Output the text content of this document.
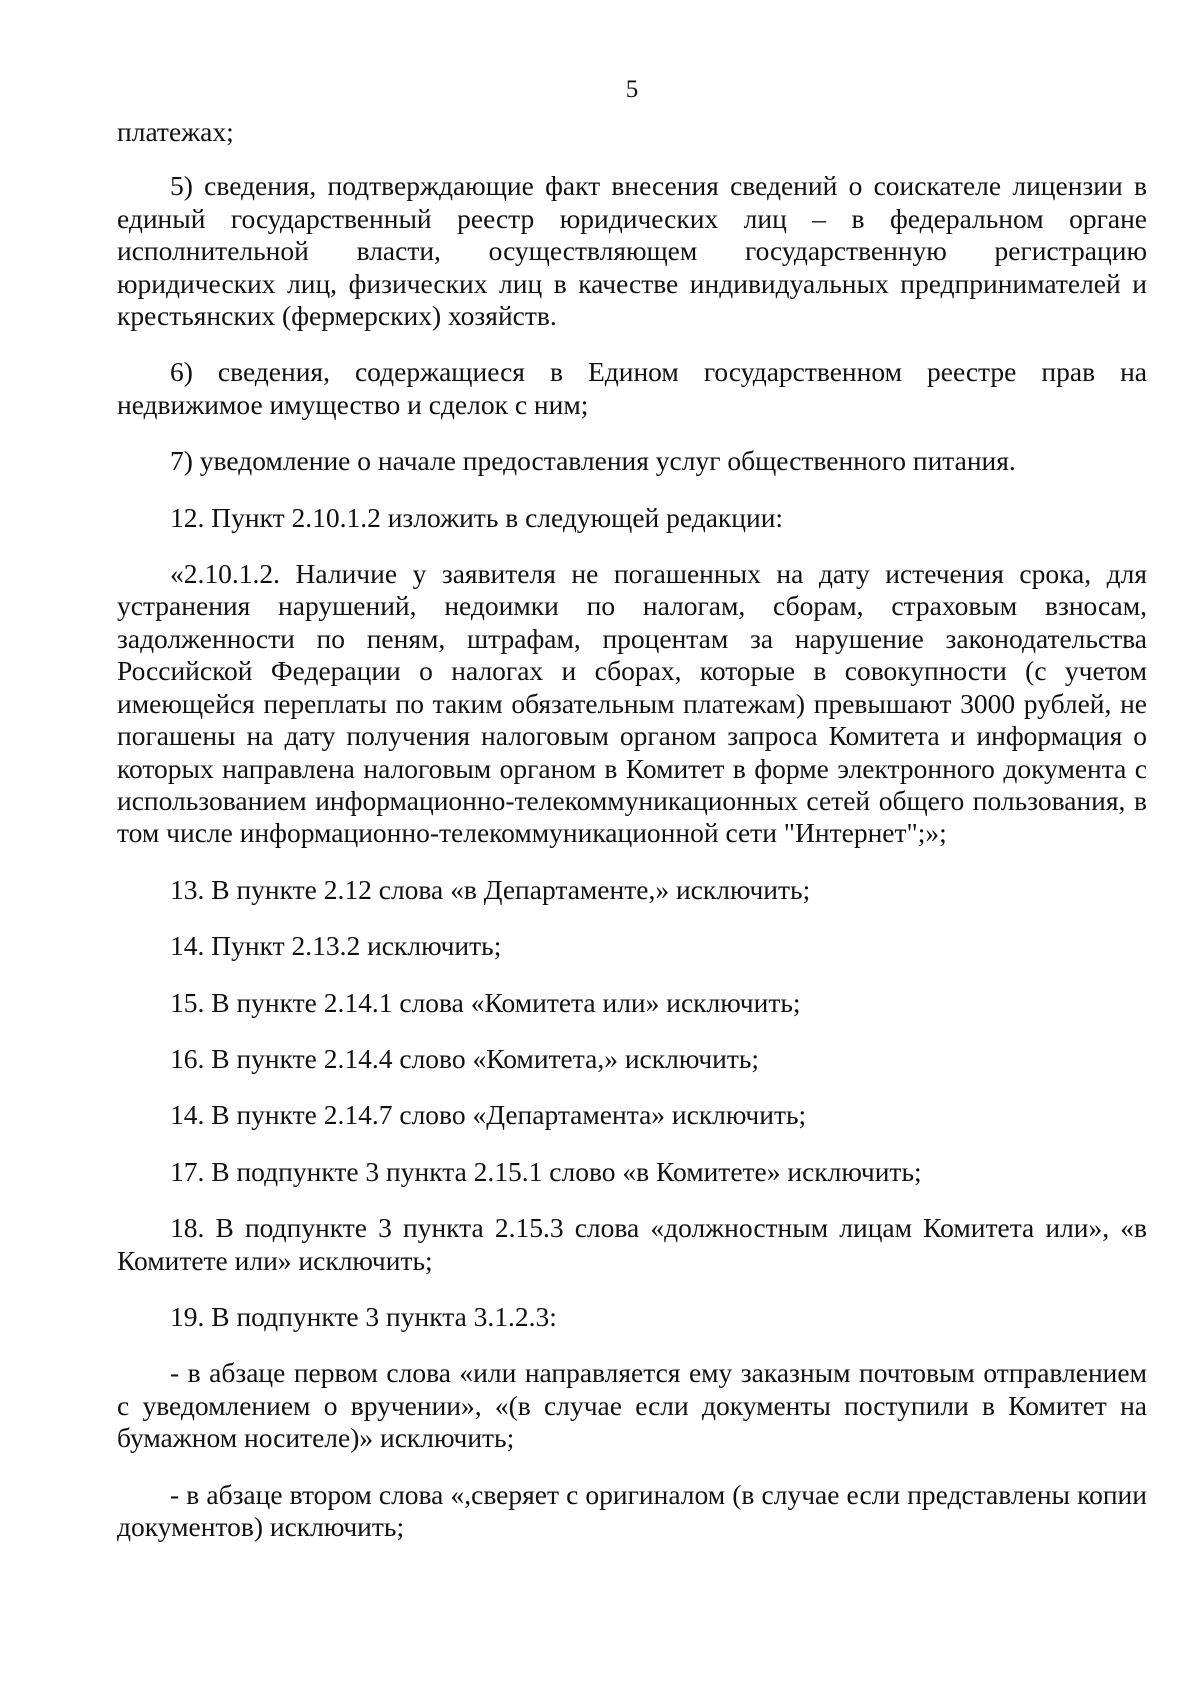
5

платежах;

5) сведения, подтверждающие факт внесения сведений о соискателе лицензии в единый государственный реестр юридических лиц – в федеральном органе исполнительной власти, осуществляющем государственную регистрацию юридических лиц, физических лиц в качестве индивидуальных предпринимателей и крестьянских (фермерских) хозяйств.

6) сведения, содержащиеся в Едином государственном реестре прав на недвижимое имущество и сделок с ним;

7) уведомление о начале предоставления услуг общественного питания.

12. Пункт 2.10.1.2 изложить в следующей редакции:

«2.10.1.2. Наличие у заявителя не погашенных на дату истечения срока, для устранения нарушений, недоимки по налогам, сборам, страховым взносам, задолженности по пеням, штрафам, процентам за нарушение законодательства Российской Федерации о налогах и сборах, которые в совокупности (с учетом имеющейся переплаты по таким обязательным платежам) превышают 3000 рублей, не погашены на дату получения налоговым органом запроса Комитета и информация о которых направлена налоговым органом в Комитет в форме электронного документа с использованием информационно-телекоммуникационных сетей общего пользования, в том числе информационно-телекоммуникационной сети "Интернет";»;

13. В пункте 2.12 слова «в Департаменте,» исключить;

14. Пункт 2.13.2 исключить;

15. В пункте 2.14.1 слова «Комитета или» исключить;

16. В пункте 2.14.4 слово «Комитета,» исключить;

14. В пункте 2.14.7 слово «Департамента» исключить;

17. В подпункте 3 пункта 2.15.1 слово «в Комитете» исключить;

18. В подпункте 3 пункта 2.15.3 слова «должностным лицам Комитета или», «в Комитете или» исключить;

19. В подпункте 3 пункта 3.1.2.3:

- в абзаце первом слова «или направляется ему заказным почтовым отправлением с уведомлением о вручении», «(в случае если документы поступили в Комитет на бумажном носителе)» исключить;

- в абзаце втором слова «,сверяет с оригиналом (в случае если представлены копии документов) исключить;
